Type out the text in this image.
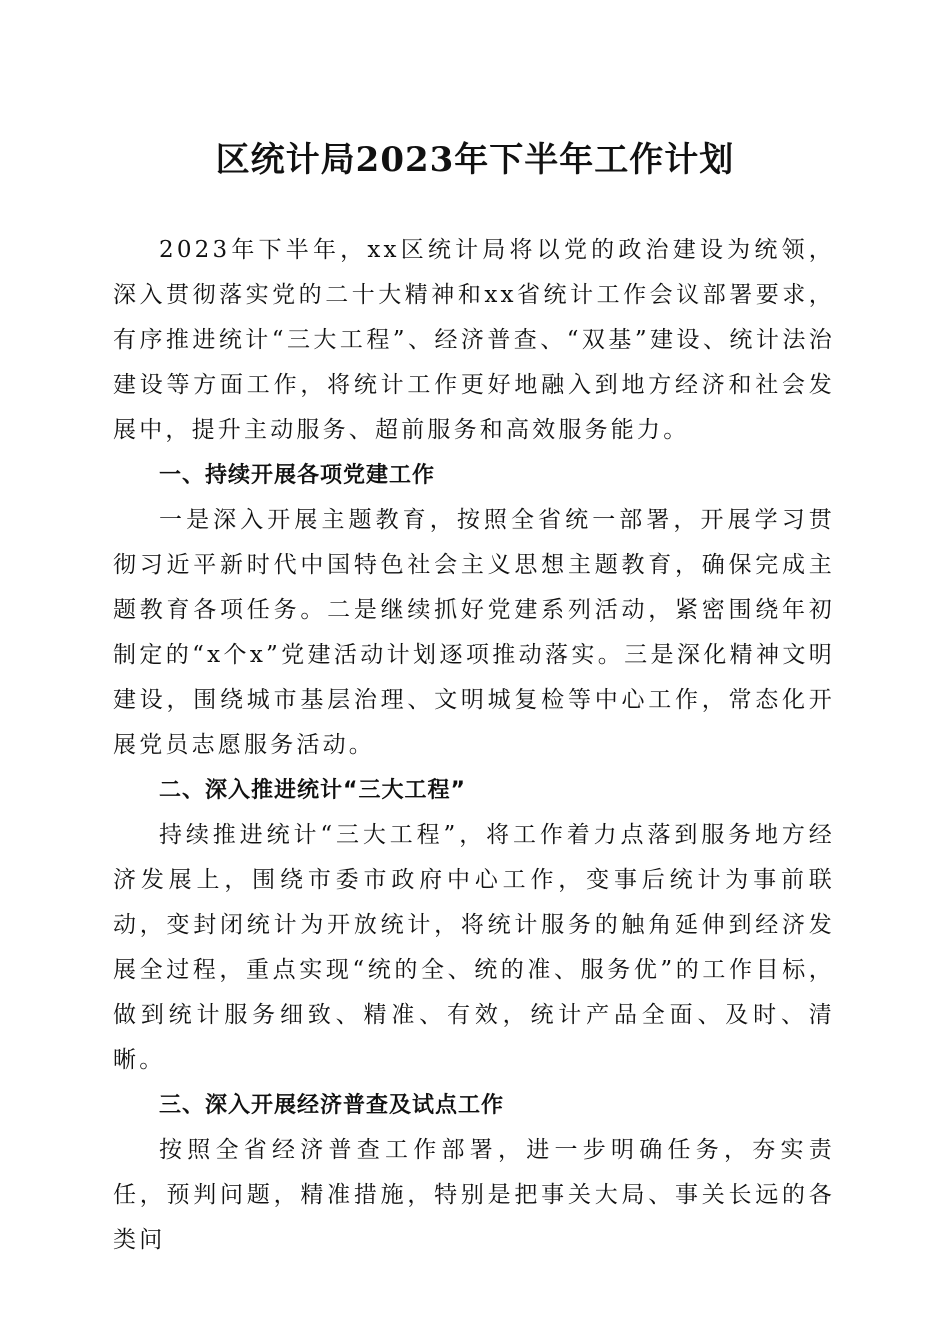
区统计局2023年下半年工作计划

2023年下半年，xx区统计局将以党的政治建设为统领，深入贯彻落实党的二十大精神和xx省统计工作会议部署要求，有序推进统计“三大工程”、经济普查、“双基”建设、统计法治建设等方面工作，将统计工作更好地融入到地方经济和社会发展中，提升主动服务、超前服务和高效服务能力。

一、持续开展各项党建工作

一是深入开展主题教育，按照全省统一部署，开展学习贯彻习近平新时代中国特色社会主义思想主题教育，确保完成主题教育各项任务。二是继续抓好党建系列活动，紧密围绕年初制定的“x个x”党建活动计划逐项推动落实。三是深化精神文明建设，围绕城市基层治理、文明城复检等中心工作，常态化开展党员志愿服务活动。

二、深入推进统计“三大工程”

持续推进统计“三大工程”，将工作着力点落到服务地方经济发展上，围绕市委市政府中心工作，变事后统计为事前联动，变封闭统计为开放统计，将统计服务的触角延伸到经济发展全过程，重点实现“统的全、统的准、服务优”的工作目标，做到统计服务细致、精准、有效，统计产品全面、及时、清晰。

三、深入开展经济普查及试点工作

按照全省经济普查工作部署，进一步明确任务，夯实责任，预判问题，精准措施，特别是把事关大局、事关长远的各类问
